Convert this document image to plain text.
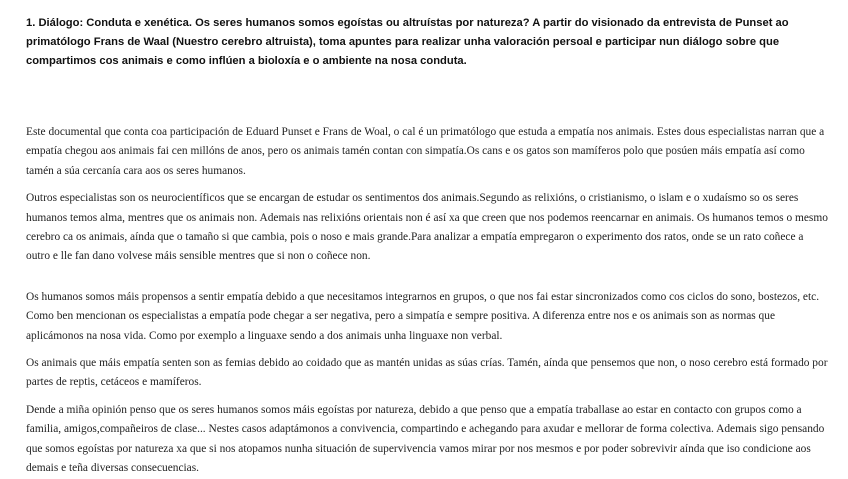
1. Diálogo: Conduta e xenética. Os seres humanos somos egoístas ou altruístas por natureza? A partir do visionado da entrevista de Punset ao primatólogo Frans de Waal (Nuestro cerebro altruista), toma apuntes para realizar unha valoración persoal e participar nun diálogo sobre que compartimos cos animais e como inflúen a bioloxía e o ambiente na nosa conduta.

Este documental que conta coa participación de Eduard Punset e Frans de Woal, o cal é un primatólogo que estuda a empatía nos animais. Estes dous especialistas narran que a empatía chegou aos animais fai cen millóns de anos, pero os animais tamén contan con simpatía.Os cans e os gatos son mamíferos polo que posúen máis empatía así como tamén a súa cercanía cara aos os seres humanos.

Outros especialistas son os neurocientíficos que se encargan de estudar os sentimentos dos animais.Segundo as relixións, o cristianismo, o islam e o xudaísmo so os seres humanos temos alma, mentres que os animais non. Ademais nas relixións orientais non é así xa que creen que nos podemos reencarnar en animais. Os humanos temos o mesmo cerebro ca os animais, aínda que o tamaño si que cambia, pois o noso e mais grande.Para analizar a empatía empregaron o experimento dos ratos, onde se un rato coñece a outro e lle fan dano volvese máis sensible mentres que si non o coñece non.

Os humanos somos máis propensos a sentir empatía debido a que necesitamos integrarnos en grupos, o que nos fai estar sincronizados como cos ciclos do sono, bostezos, etc. Como ben mencionan os especialistas a empatía pode chegar a ser negativa, pero a simpatía e sempre positiva. A diferenza entre nos e os animais son as normas que aplicámonos na nosa vida. Como por exemplo a linguaxe sendo a dos animais unha linguaxe non verbal.

Os animais que máis empatía senten son as femias debido ao coidado que as mantén unidas as súas crías. Tamén, aínda que pensemos que non, o noso cerebro está formado por partes de reptis, cetáceos e mamíferos.

Dende a miña opinión penso que os seres humanos somos máis egoístas por natureza, debido a que penso que a empatía traballase ao estar en contacto con grupos como a familia, amigos,compañeiros de clase... Nestes casos adaptámonos a convivencia, compartindo e achegando para axudar e mellorar de forma colectiva. Ademais sigo pensando que somos egoístas por natureza xa que si nos atopamos nunha situación de supervivencia vamos mirar por nos mesmos e por poder sobrevivir aínda que iso condicione aos demais e teña diversas consecuencias.
